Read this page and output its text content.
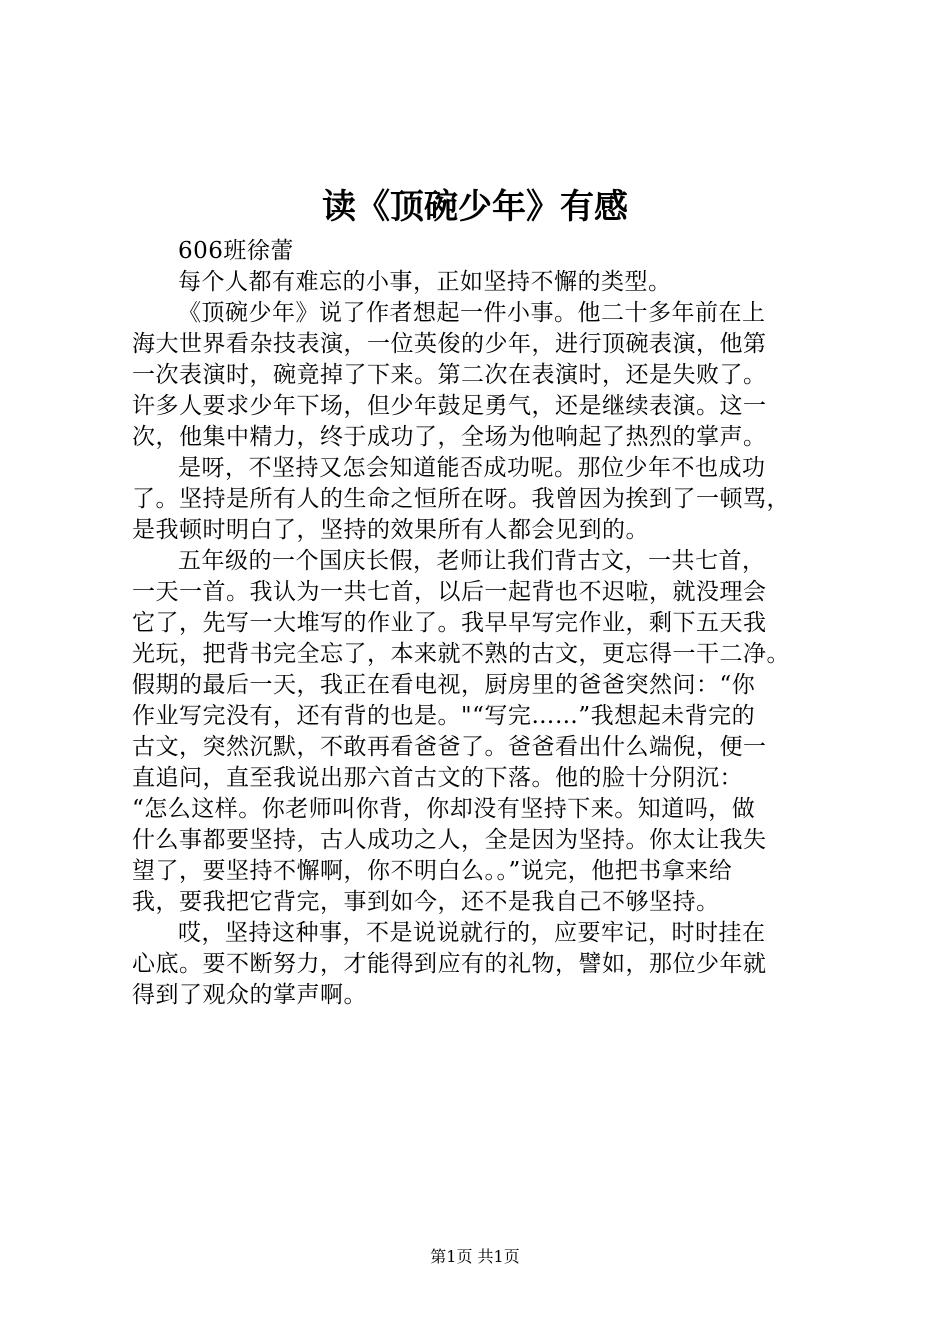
读《顶碗少年》有感
606班徐蕾
每个人都有难忘的小事，正如坚持不懈的类型。
《顶碗少年》说了作者想起一件小事。他二十多年前在上
海大世界看杂技表演，一位英俊的少年，进行顶碗表演，他第
一次表演时，碗竟掉了下来。第二次在表演时，还是失败了。
许多人要求少年下场，但少年鼓足勇气，还是继续表演。这一
次，他集中精力，终于成功了，全场为他响起了热烈的掌声。
是呀，不坚持又怎会知道能否成功呢。那位少年不也成功
了。坚持是所有人的生命之恒所在呀。我曾因为挨到了一顿骂，
是我顿时明白了，坚持的效果所有人都会见到的。
五年级的一个国庆长假，老师让我们背古文，一共七首，
一天一首。我认为一共七首，以后一起背也不迟啦，就没理会
它了，先写一大堆写的作业了。我早早写完作业，剩下五天我
光玩，把背书完全忘了，本来就不熟的古文，更忘得一干二净。
假期的最后一天，我正在看电视，厨房里的爸爸突然问：“你
作业写完没有，还有背的也是。"“写完……”我想起未背完的
古文，突然沉默，不敢再看爸爸了。爸爸看出什么端倪，便一
直追问，直至我说出那六首古文的下落。他的脸十分阴沉：
“怎么这样。你老师叫你背，你却没有坚持下来。知道吗，做
什么事都要坚持，古人成功之人，全是因为坚持。你太让我失
望了，要坚持不懈啊，你不明白么。。”说完，他把书拿来给
我，要我把它背完，事到如今，还不是我自己不够坚持。
哎，坚持这种事，不是说说就行的，应要牢记，时时挂在
心底。要不断努力，才能得到应有的礼物，譬如，那位少年就
得到了观众的掌声啊。
第1页 共1页
